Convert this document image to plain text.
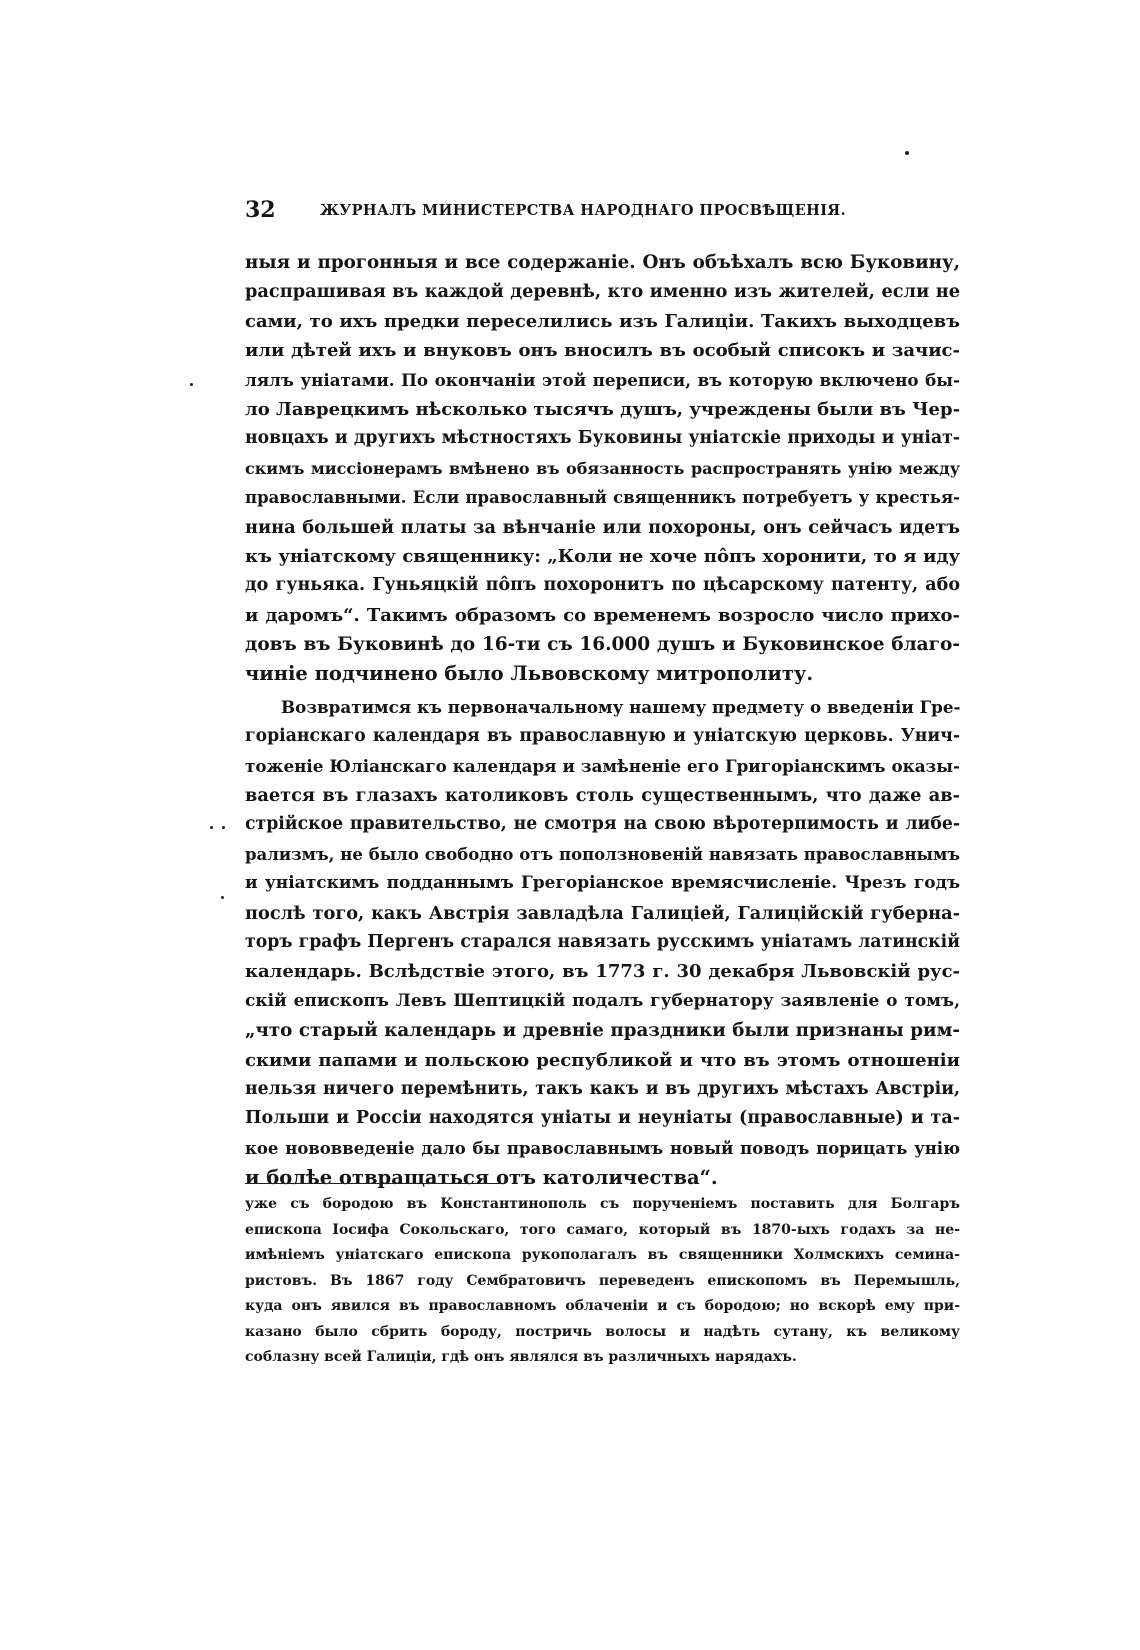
32	ЖУРНАЛЪ МИНИСТЕРСТВА НАРОДНАГО ПРОСВѢЩЕНІЯ.
ныя и прогонныя и все содержаніе. Онъ объѣхалъ всю Буковину,
распрашивая въ каждой деревнѣ, кто именно изъ жителей, если не
сами, то ихъ предки переселились изъ Галиціи. Такихъ выходцевъ
или дѣтей ихъ и внуковъ онъ вносилъ въ особый списокъ и зачис-
лялъ уніатами. По окончаніи этой переписи, въ которую включено бы-
ло Лаврецкимъ нѣсколько тысячъ душъ, учреждены были въ Чер-
новцахъ и другихъ мѣстностяхъ Буковины уніатскіе приходы и уніат-
скимъ миссіонерамъ вмѣнено въ обязанность распространять унію между
православными. Если православный священникъ потребуетъ у крестья-
нина большей платы за вѣнчаніе или похороны, онъ сейчасъ идетъ
къ уніатскому священнику: „Коли не хоче пôпъ хоронити, то я иду
до гуньяка. Гуньяцкій пôпъ похоронитъ по цѣсарскому патенту, або
и даромъ“. Такимъ образомъ со временемъ возросло число прихо-
довъ въ Буковинѣ до 16-ти съ 16.000 душъ и Буковинское благо-
чиніе подчинено было Львовскому митрополиту.
Возвратимся къ первоначальному нашему предмету о введеніи Гре-
горіанскаго календаря въ православную и уніатскую церковь. Унич-
тоженіе Юліанскаго календаря и замѣненіе его Григоріанскимъ оказы-
вается въ глазахъ католиковъ столь существеннымъ, что даже ав-
стрійское правительство, не смотря на свою вѣротерпимость и либе-
рализмъ, не было свободно отъ поползновеній навязать православнымъ
и уніатскимъ подданнымъ Грегоріанское времясчисленіе. Чрезъ годъ
послѣ того, какъ Австрія завладѣла Галиціей, Галицiйскій губерна-
торъ графъ Пергенъ старался навязать русскимъ уніатамъ латинскій
календарь. Вслѣдствіе этого, въ 1773 г. 30 декабря Львовскій рус-
скій епископъ Левъ Шептицкій подалъ губернатору заявленіе о томъ,
„что старый календарь и древніе праздники были признаны рим-
скими папами и польскою республикой и что въ этомъ отношеніи
нельзя ничего перемѣнить, такъ какъ и въ другихъ мѣстахъ Австріи,
Польши и Россіи находятся уніаты и неуніаты (православные) и та-
кое нововведеніе дало бы православнымъ новый поводъ порицать унію
и болѣе отвращаться отъ католичества“.
уже съ бородою въ Константинополь съ порученіемъ поставить для Болгаръ
епископа Іосифа Сокольскаго, того самаго, который въ 1870-ыхъ годахъ за не-
имѣніемъ уніатскаго епископа рукополагалъ въ священники Холмскихъ семина-
ристовъ. Въ 1867 году Сембратовичъ переведенъ епископомъ въ Перемышль,
куда онъ явился въ православномъ облаченіи и съ бородою; но вскорѣ ему при-
казано было сбрить бороду, постричь волосы и надѣть сутану, къ великому
соблазну всей Галиціи, гдѣ онъ являлся въ различныхъ нарядахъ.
